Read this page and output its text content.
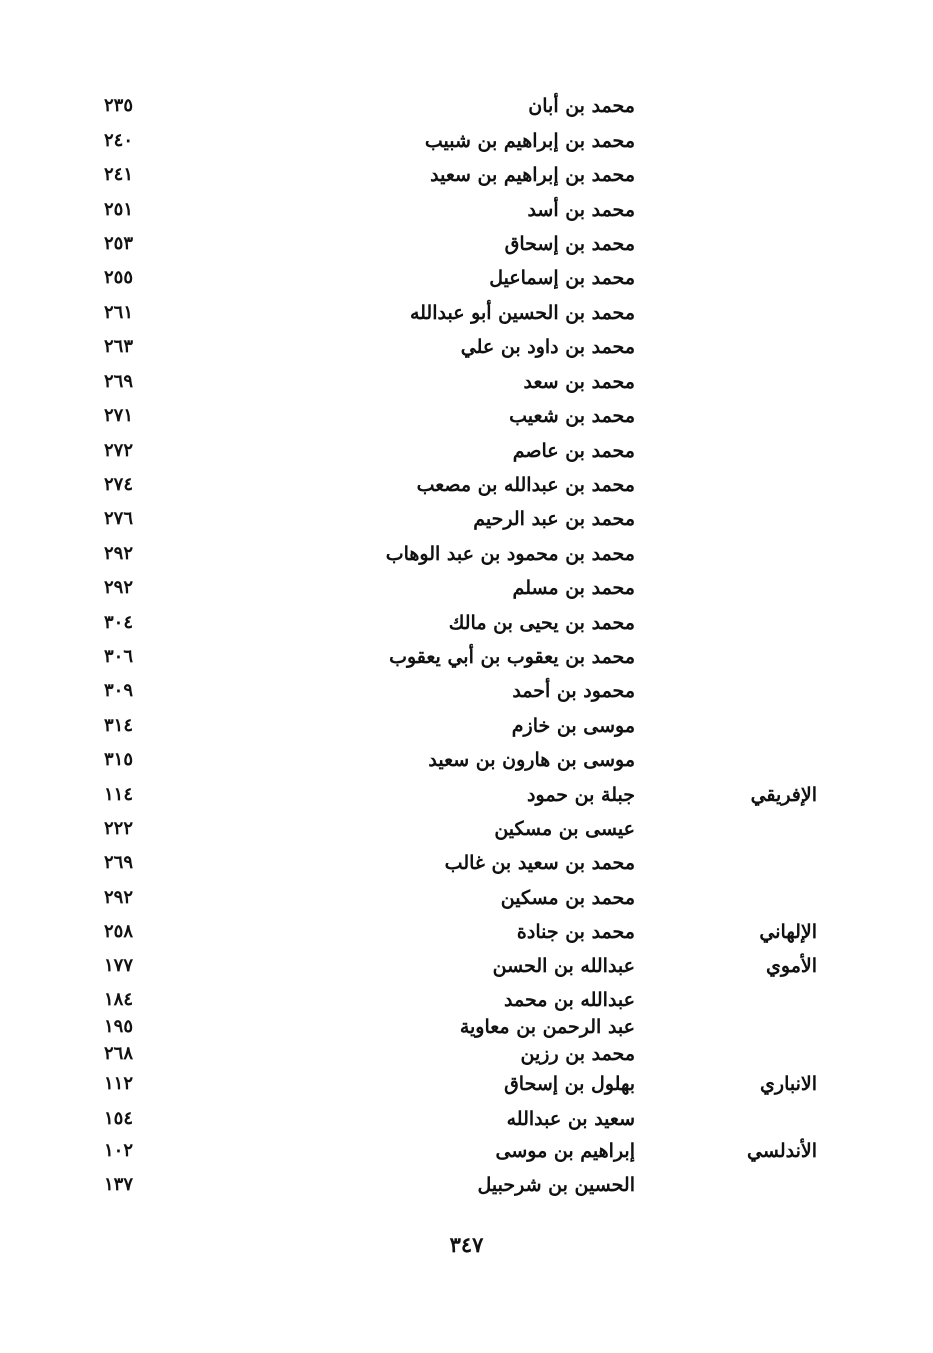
محمد بن أبان
٢٣٥
محمد بن إبراهيم بن شبيب
٢٤٠
محمد بن إبراهيم بن سعيد
٢٤١
محمد بن أسد
٢٥١
محمد بن إسحاق
٢٥٣
محمد بن إسماعيل
٢٥٥
محمد بن الحسين أبو عبدالله
٢٦١
محمد بن داود بن علي
٢٦٣
محمد بن سعد
٢٦٩
محمد بن شعيب
٢٧١
محمد بن عاصم
٢٧٢
محمد بن عبدالله بن مصعب
٢٧٤
محمد بن عبد الرحيم
٢٧٦
محمد بن محمود بن عبد الوهاب
٢٩٢
محمد بن مسلم
٢٩٢
محمد بن يحيى بن مالك
٣٠٤
محمد بن يعقوب بن أبي يعقوب
٣٠٦
محمود بن أحمد
٣٠٩
موسى بن خازم
٣١٤
موسى بن هارون بن سعيد
٣١٥
الإفريقي
جبلة بن حمود
١١٤
عيسى بن مسكين
٢٢٢
محمد بن سعيد بن غالب
٢٦٩
محمد بن مسكين
٢٩٢
الإلهاني
محمد بن جنادة
٢٥٨
الأموي
عبدالله بن الحسن
١٧٧
عبدالله بن محمد
١٨٤
عبد الرحمن بن معاوية
١٩٥
محمد بن رزين
٢٦٨
الانباري
بهلول بن إسحاق
١١٢
سعيد بن عبدالله
١٥٤
الأندلسي
إبراهيم بن موسى
١٠٢
الحسين بن شرحبيل
١٣٧
٣٤٧
